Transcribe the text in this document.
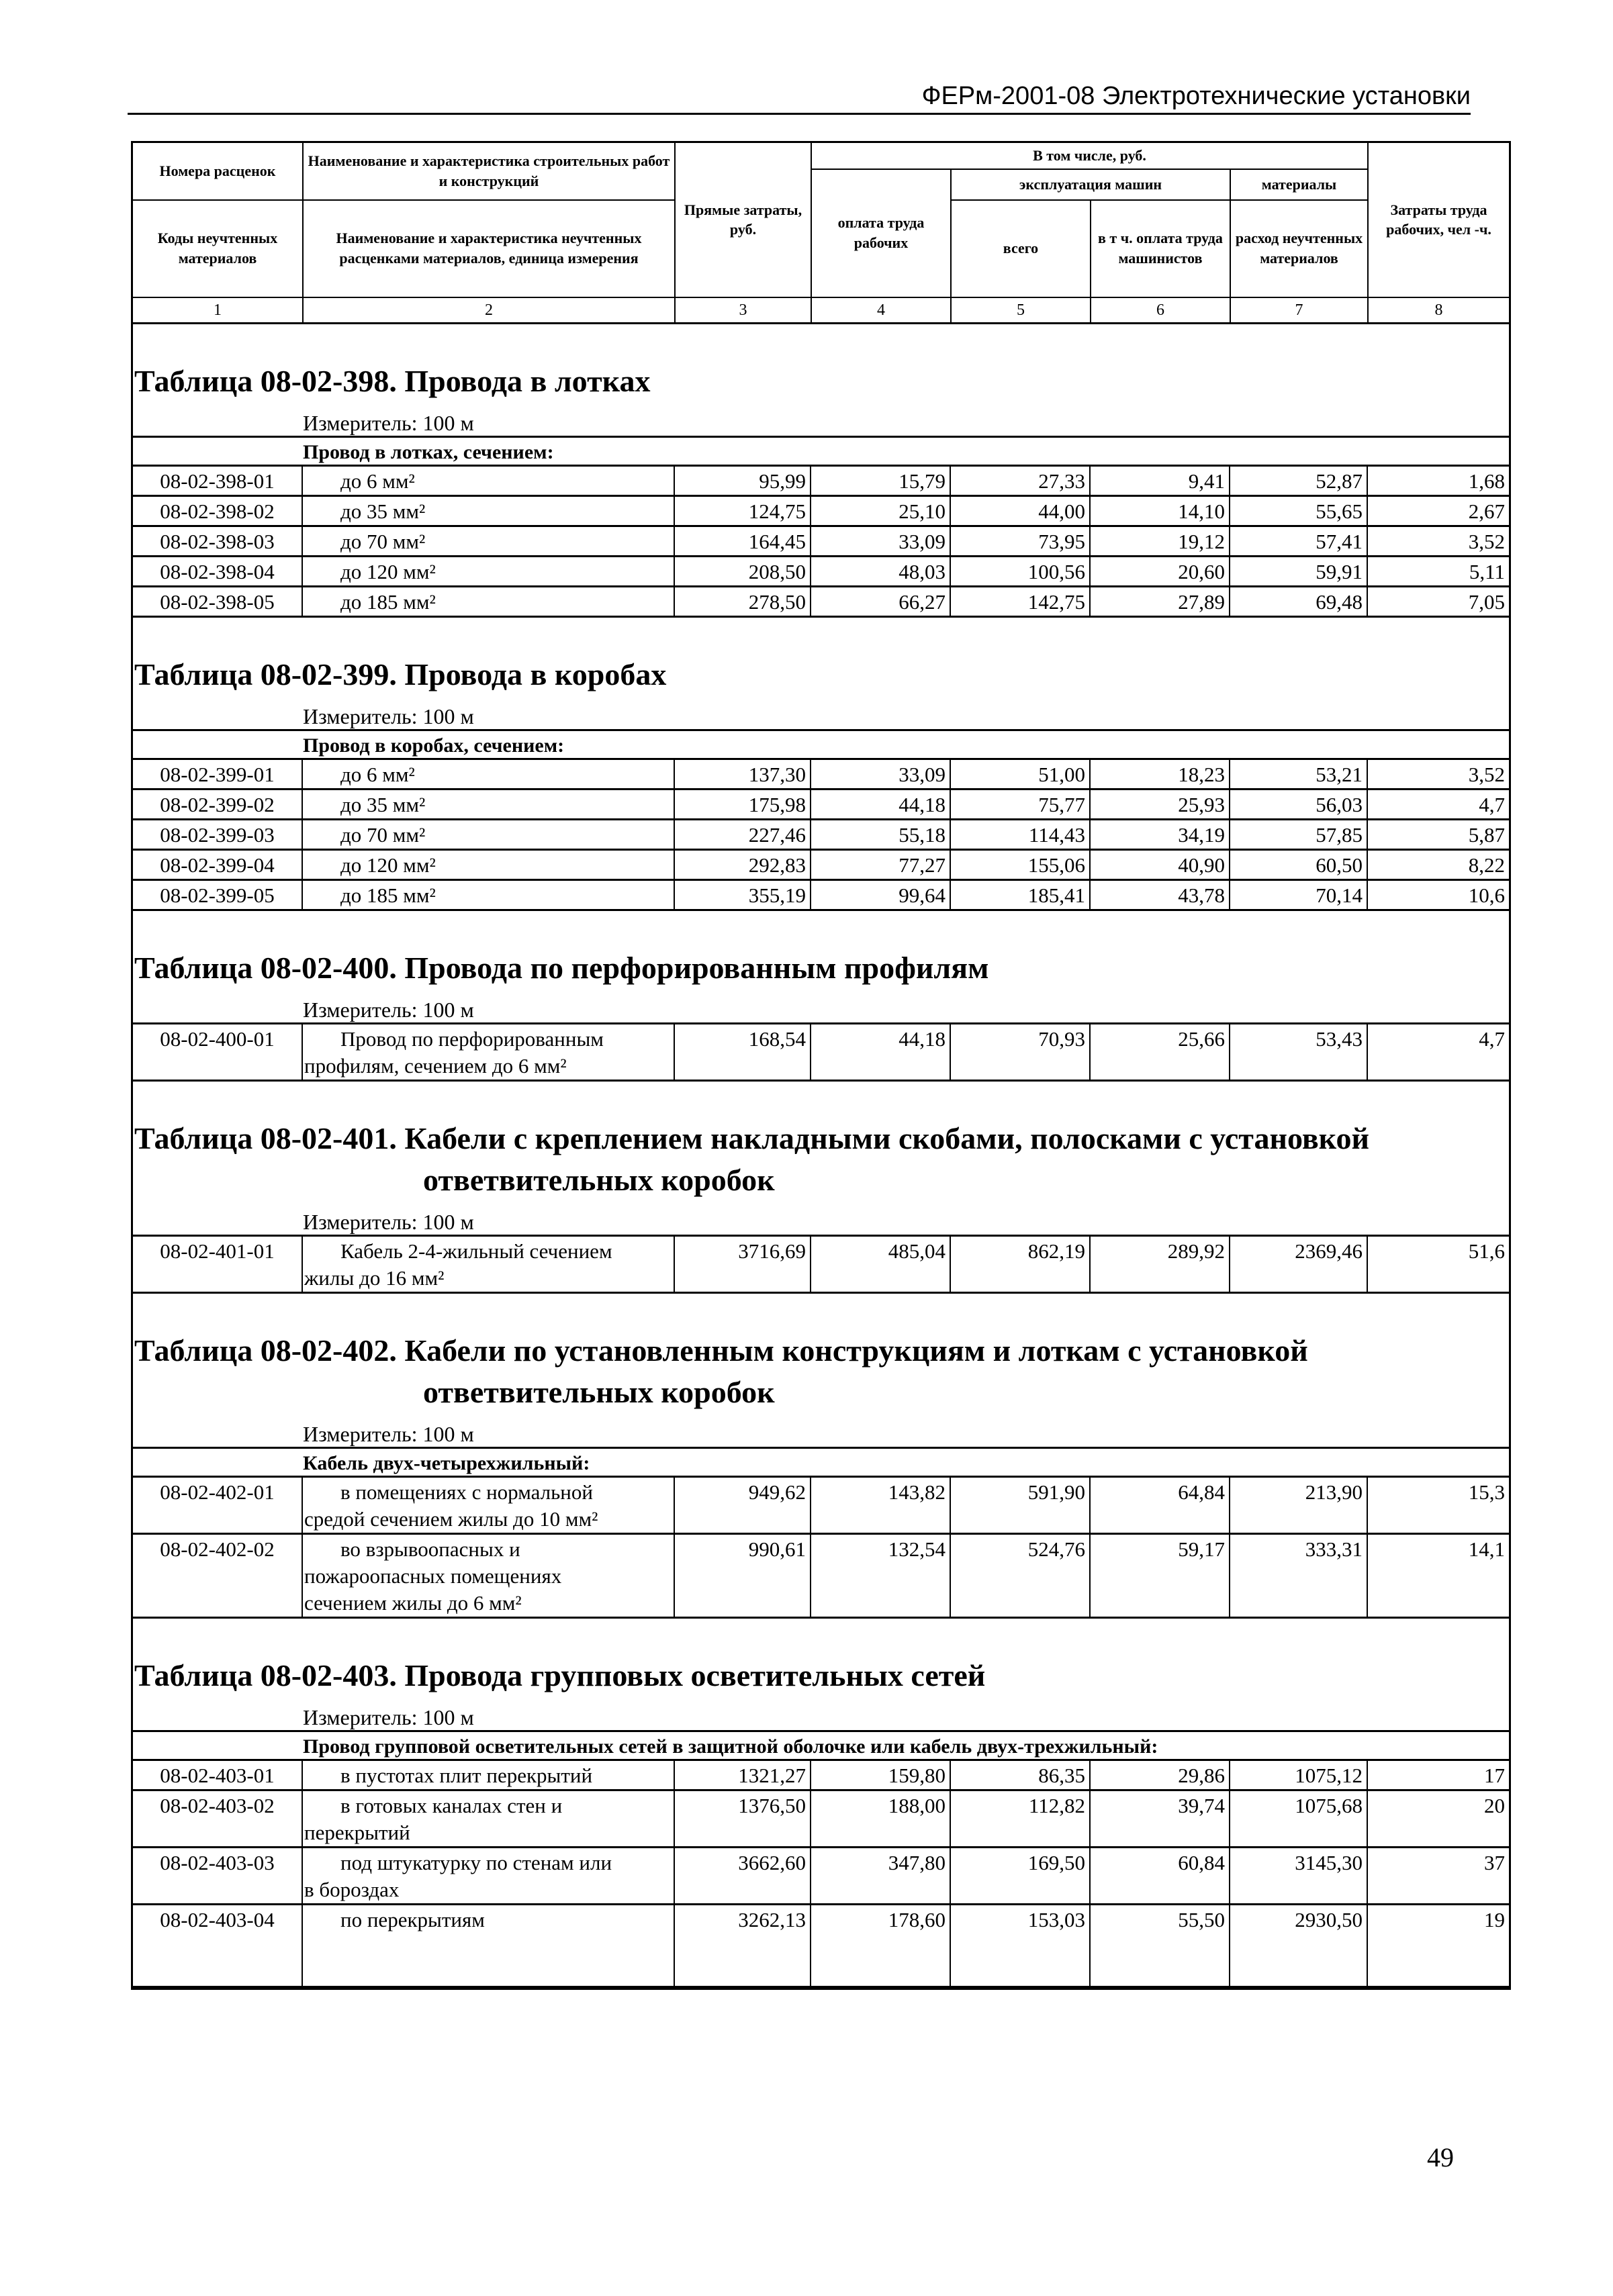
ФЕРм-2001-08 Электротехнические установки
Номера расценок	Наименование и характеристика строительных работ и конструкций	Прямые затраты, руб.	В том числе, руб.				Затраты труда рабочих, чел -ч.
			оплата труда рабочих	эксплуатация машин		материалы	
Коды неучтенных материалов	Наименование и характеристика неучтенных расценками материалов, единица измерения			всего	в т ч. оплата труда машинистов	расход неучтенных материалов	
1	2	3	4	5	6	7	8
Таблица 08-02-398. Провода в лотках
Измеритель: 100 м
Провод в лотках, сечением:
08-02-398-01	до 6 мм²	95,99	15,79	27,33	9,41	52,87	1,68
08-02-398-02	до 35 мм²	124,75	25,10	44,00	14,10	55,65	2,67
08-02-398-03	до 70 мм²	164,45	33,09	73,95	19,12	57,41	3,52
08-02-398-04	до 120 мм²	208,50	48,03	100,56	20,60	59,91	5,11
08-02-398-05	до 185 мм²	278,50	66,27	142,75	27,89	69,48	7,05
Таблица 08-02-399. Провода в коробах
Измеритель: 100 м
Провод в коробах, сечением:
08-02-399-01	до 6 мм²	137,30	33,09	51,00	18,23	53,21	3,52
08-02-399-02	до 35 мм²	175,98	44,18	75,77	25,93	56,03	4,7
08-02-399-03	до 70 мм²	227,46	55,18	114,43	34,19	57,85	5,87
08-02-399-04	до 120 мм²	292,83	77,27	155,06	40,90	60,50	8,22
08-02-399-05	до 185 мм²	355,19	99,64	185,41	43,78	70,14	10,6
Таблица 08-02-400. Провода по перфорированным профилям
Измеритель: 100 м
08-02-400-01	Провод по перфорированным
профилям, сечением до 6 мм²
168,54	44,18	70,93	25,66	53,43	4,7
Таблица 08-02-401. Кабели с креплением накладными скобами, полосками с установкой
ответвительных коробок
Измеритель: 100 м
08-02-401-01	Кабель 2-4-жильный сечением
жилы до 16 мм²
3716,69	485,04	862,19	289,92	2369,46	51,6
Таблица 08-02-402. Кабели по установленным конструкциям и лоткам с установкой
ответвительных коробок
Измеритель: 100 м
Кабель двух-четырехжильный:
08-02-402-01	в помещениях с нормальной
средой сечением жилы до 10 мм²
949,62	143,82	591,90	64,84	213,90	15,3
08-02-402-02	во взрывоопасных и
пожароопасных помещениях
сечением жилы до 6 мм²
990,61	132,54	524,76	59,17	333,31	14,1
Таблица 08-02-403. Провода групповых осветительных сетей
Измеритель: 100 м
Провод групповой осветительных сетей в защитной оболочке или кабель двух-трехжильный:
08-02-403-01	в пустотах плит перекрытий	1321,27	159,80	86,35	29,86	1075,12	17
08-02-403-02	в готовых каналах стен и
перекрытий
1376,50	188,00	112,82	39,74	1075,68	20
08-02-403-03	под штукатурку по стенам или
в бороздах
3662,60	347,80	169,50	60,84	3145,30	37
08-02-403-04	по перекрытиям	3262,13	178,60	153,03	55,50	2930,50	19
49
